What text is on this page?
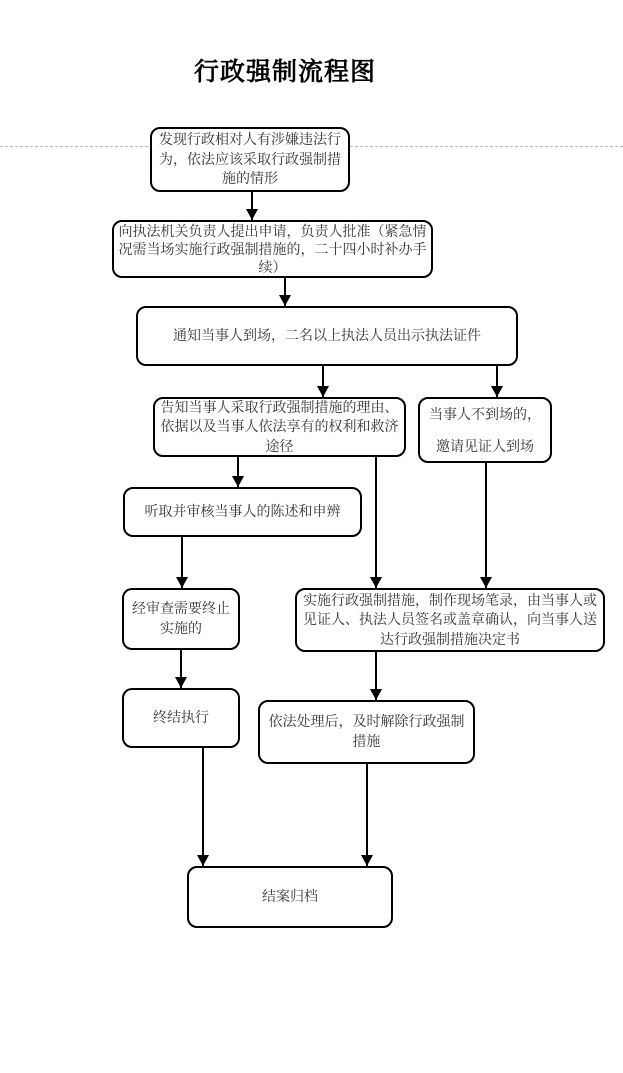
行政强制流程图
发现行政相对人有涉嫌违法行为，依法应该采取行政强制措施的情形
向执法机关负责人提出申请，负责人批准（紧急情况需当场实施行政强制措施的，二十四小时补办手续）
通知当事人到场，二名以上执法人员出示执法证件
告知当事人采取行政强制措施的理由、依据以及当事人依法享有的权利和救济途径
当事人不到场的，邀请见证人到场
听取并审核当事人的陈述和申辨
经审查需要终止实施的
实施行政强制措施，制作现场笔录，由当事人或见证人、执法人员签名或盖章确认，向当事人送达行政强制措施决定书
终结执行	依法处理后，及时解除行政强制措施
结案归档
